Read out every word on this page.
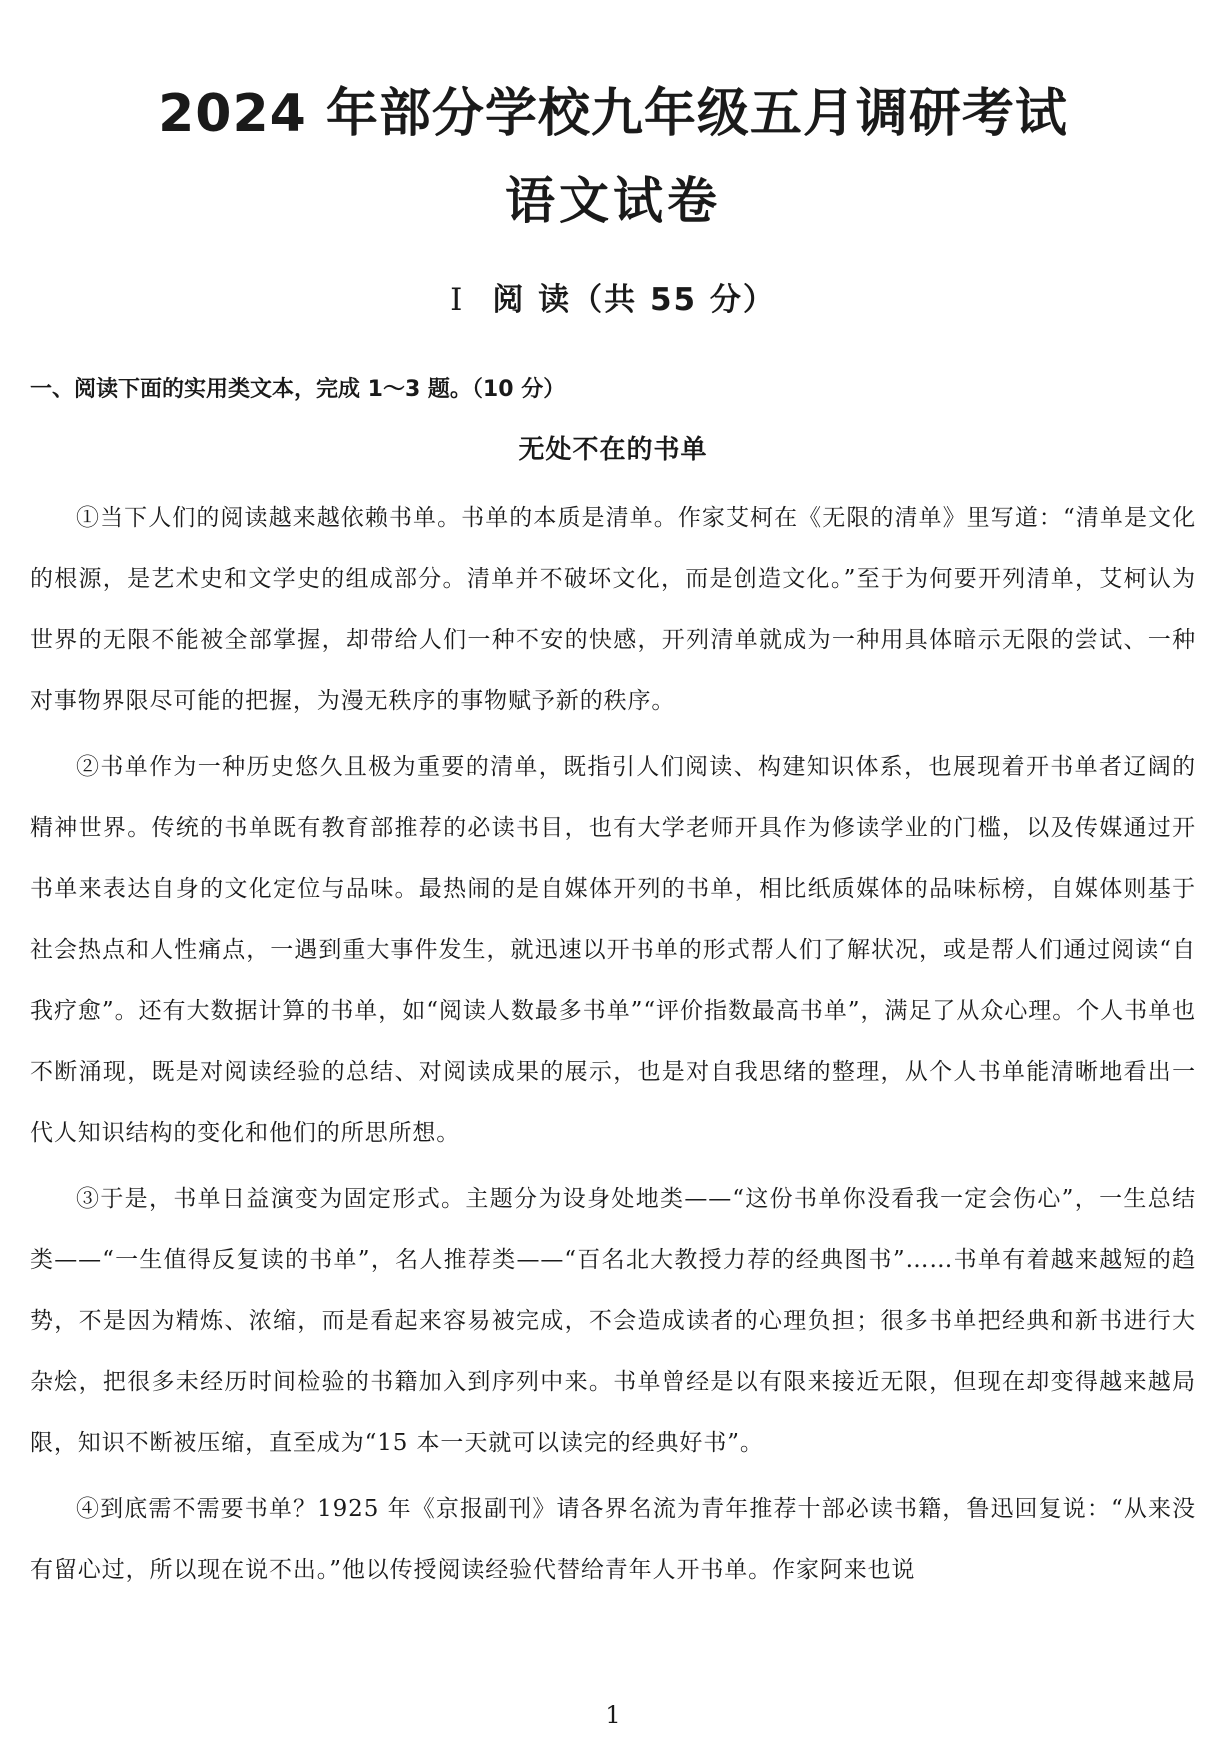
2024 年部分学校九年级五月调研考试
语文试卷
Ⅰ 阅 读（共 55 分）
一、阅读下面的实用类文本，完成 1～3 题。（10 分）
无处不在的书单

①当下人们的阅读越来越依赖书单。书单的本质是清单。作家艾柯在《无限的清单》里写道：“清单是文化的根源，是艺术史和文学史的组成部分。清单并不破坏文化，而是创造文化。”至于为何要开列清单，艾柯认为世界的无限不能被全部掌握，却带给人们一种不安的快感，开列清单就成为一种用具体暗示无限的尝试、一种对事物界限尽可能的把握，为漫无秩序的事物赋予新的秩序。

②书单作为一种历史悠久且极为重要的清单，既指引人们阅读、构建知识体系，也展现着开书单者辽阔的精神世界。传统的书单既有教育部推荐的必读书目，也有大学老师开具作为修读学业的门槛，以及传媒通过开书单来表达自身的文化定位与品味。最热闹的是自媒体开列的书单，相比纸质媒体的品味标榜，自媒体则基于社会热点和人性痛点，一遇到重大事件发生，就迅速以开书单的形式帮人们了解状况，或是帮人们通过阅读“自我疗愈”。还有大数据计算的书单，如“阅读人数最多书单”“评价指数最高书单”，满足了从众心理。个人书单也不断涌现，既是对阅读经验的总结、对阅读成果的展示，也是对自我思绪的整理，从个人书单能清晰地看出一代人知识结构的变化和他们的所思所想。

③于是，书单日益演变为固定形式。主题分为设身处地类——“这份书单你没看我一定会伤心”，一生总结类——“一生值得反复读的书单”，名人推荐类——“百名北大教授力荐的经典图书”……书单有着越来越短的趋势，不是因为精炼、浓缩，而是看起来容易被完成，不会造成读者的心理负担；很多书单把经典和新书进行大杂烩，把很多未经历时间检验的书籍加入到序列中来。书单曾经是以有限来接近无限，但现在却变得越来越局限，知识不断被压缩，直至成为“15 本一天就可以读完的经典好书”。

④到底需不需要书单？1925 年《京报副刊》请各界名流为青年推荐十部必读书籍，鲁迅回复说：“从来没有留心过，所以现在说不出。”他以传授阅读经验代替给青年人开书单。作家阿来也说

1
